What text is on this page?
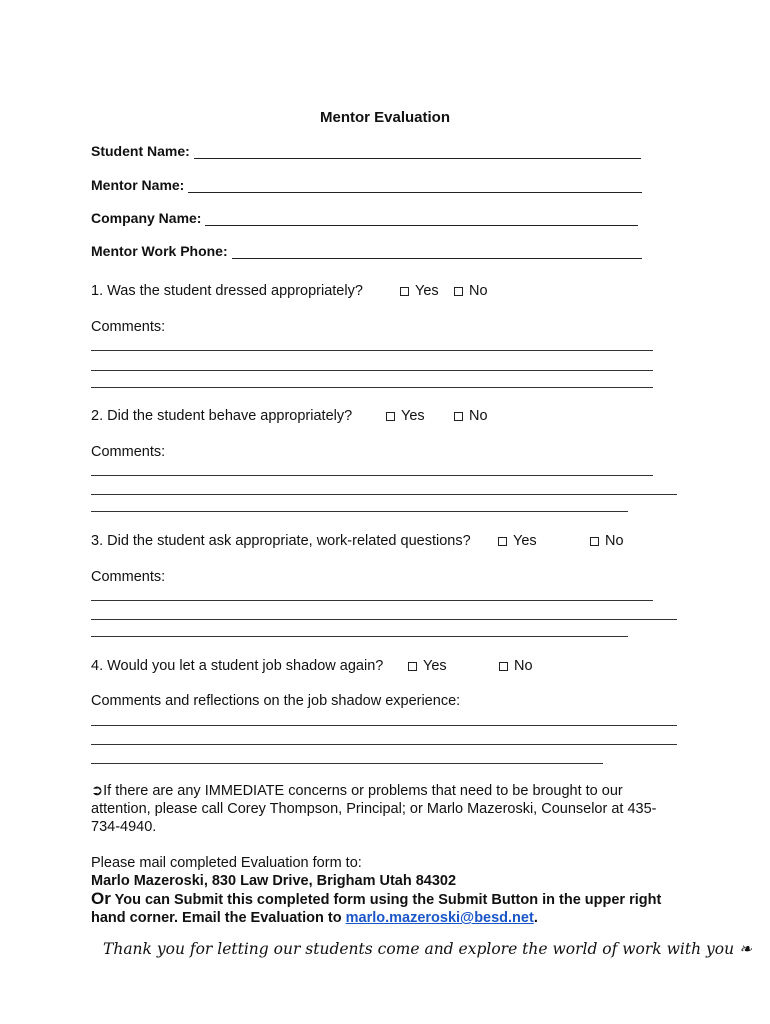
Mentor Evaluation
Student Name:
Mentor Name:
Company Name:
Mentor Work Phone:
1. Was the student dressed appropriately?	Yes No
Comments:
2. Did the student behave appropriately?	Yes	No
Comments:
3. Did the student ask appropriate, work-related questions?	Yes	No
Comments:
4. Would you let a student job shadow again?	Yes	No
Comments and reflections on the job shadow experience:
➲If there are any IMMEDIATE concerns or problems that need to be brought to our attention, please call Corey Thompson, Principal; or Marlo Mazeroski, Counselor at 435-734-4940.
Please mail completed Evaluation form to:
Marlo Mazeroski, 830 Law Drive, Brigham Utah 84302
Or You can Submit this completed form using the Submit Button in the upper right hand corner. Email the Evaluation to marlo.mazeroski@besd.net.
Thank you for letting our students come and explore the world of work with you ❧
